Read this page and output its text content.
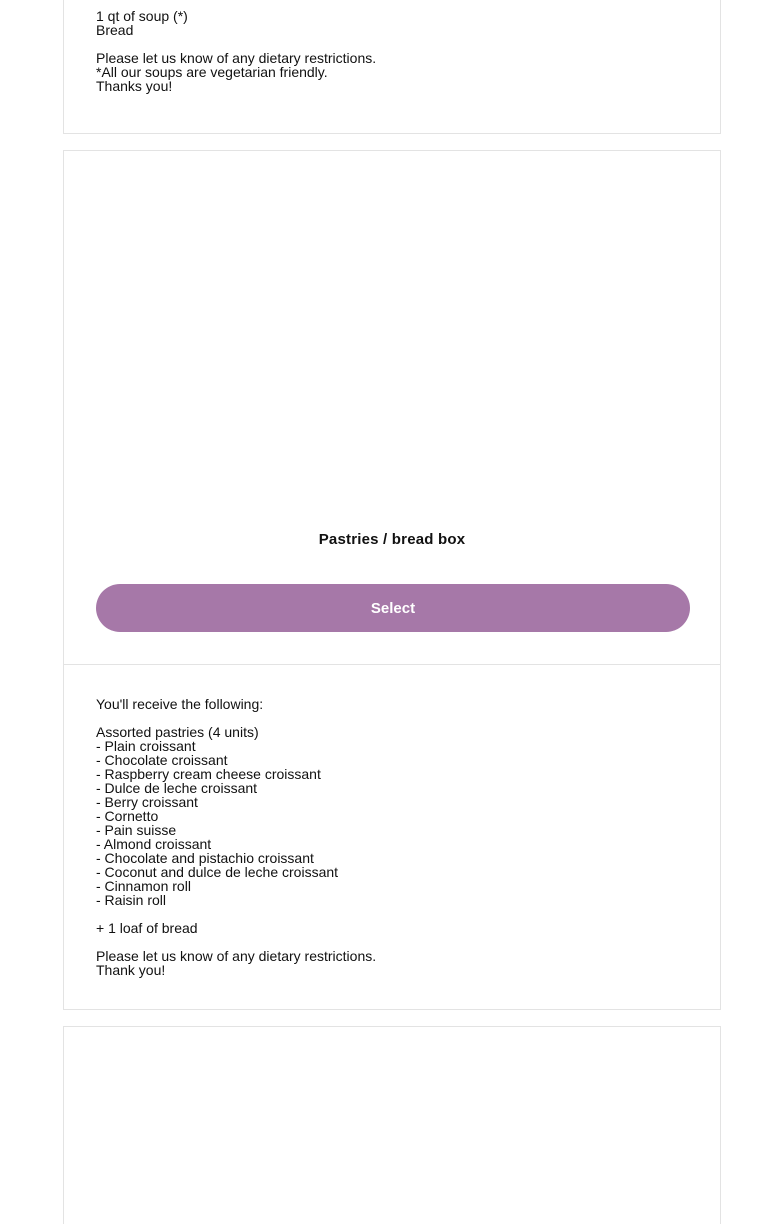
1 qt of soup (*)
Bread

Please let us know of any dietary restrictions.
*All our soups are vegetarian friendly.
Thanks you!

Pastries / bread box
Select

You'll receive the following:

Assorted pastries (4 units)
- Plain croissant
- Chocolate croissant
- Raspberry cream cheese croissant
- Dulce de leche croissant
- Berry croissant
- Cornetto
- Pain suisse
- Almond croissant
- Chocolate and pistachio croissant
- Coconut and dulce de leche croissant
- Cinnamon roll
- Raisin roll

+ 1 loaf of bread

Please let us know of any dietary restrictions.
Thank you!
